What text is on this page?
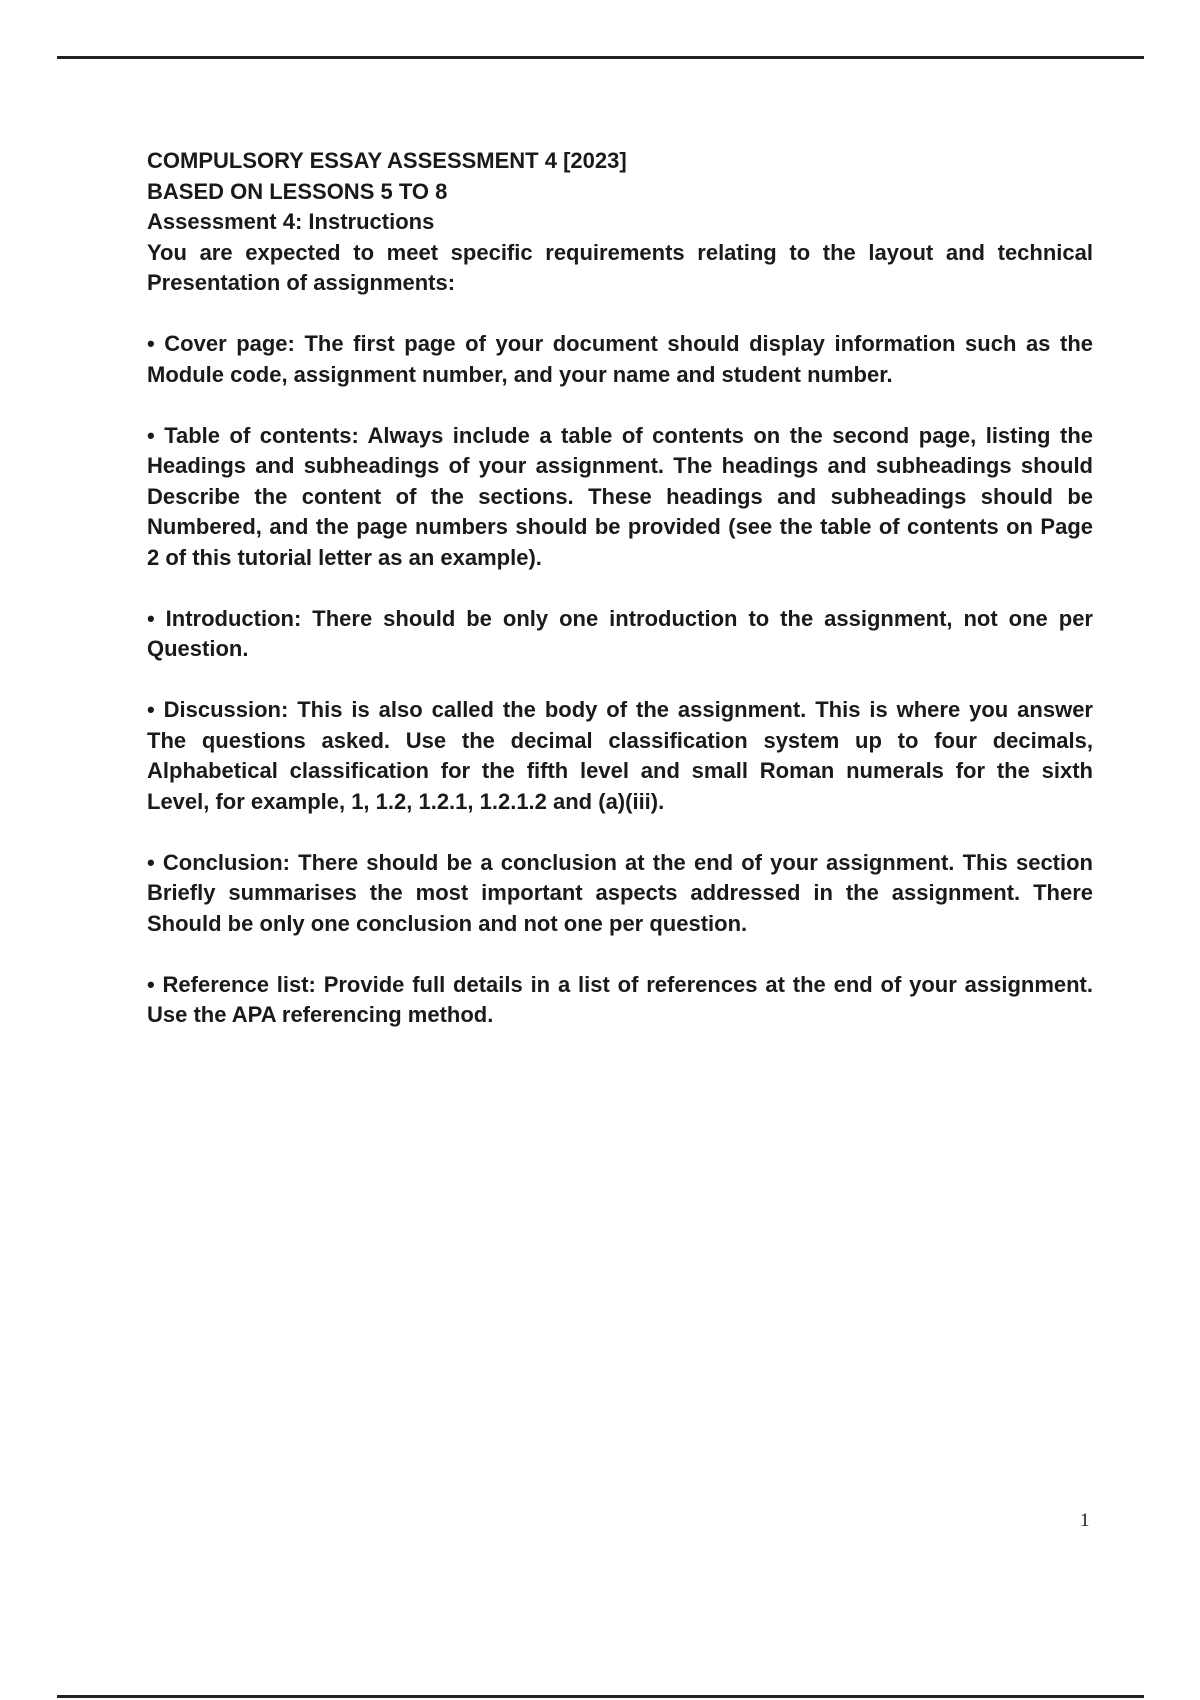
COMPULSORY ESSAY ASSESSMENT 4 [2023]

BASED ON LESSONS 5 TO 8

Assessment 4: Instructions

You are expected to meet specific requirements relating to the layout and technical Presentation of assignments:

• Cover page: The first page of your document should display information such as the Module code, assignment number, and your name and student number.

• Table of contents: Always include a table of contents on the second page, listing the Headings and subheadings of your assignment. The headings and subheadings should Describe the content of the sections. These headings and subheadings should be Numbered, and the page numbers should be provided (see the table of contents on Page 2 of this tutorial letter as an example).

• Introduction: There should be only one introduction to the assignment, not one per Question.

• Discussion: This is also called the body of the assignment. This is where you answer The questions asked. Use the decimal classification system up to four decimals, Alphabetical classification for the fifth level and small Roman numerals for the sixth Level, for example, 1, 1.2, 1.2.1, 1.2.1.2 and (a)(iii).

• Conclusion: There should be a conclusion at the end of your assignment. This section Briefly summarises the most important aspects addressed in the assignment. There Should be only one conclusion and not one per question.

• Reference list: Provide full details in a list of references at the end of your assignment. Use the APA referencing method.

1
